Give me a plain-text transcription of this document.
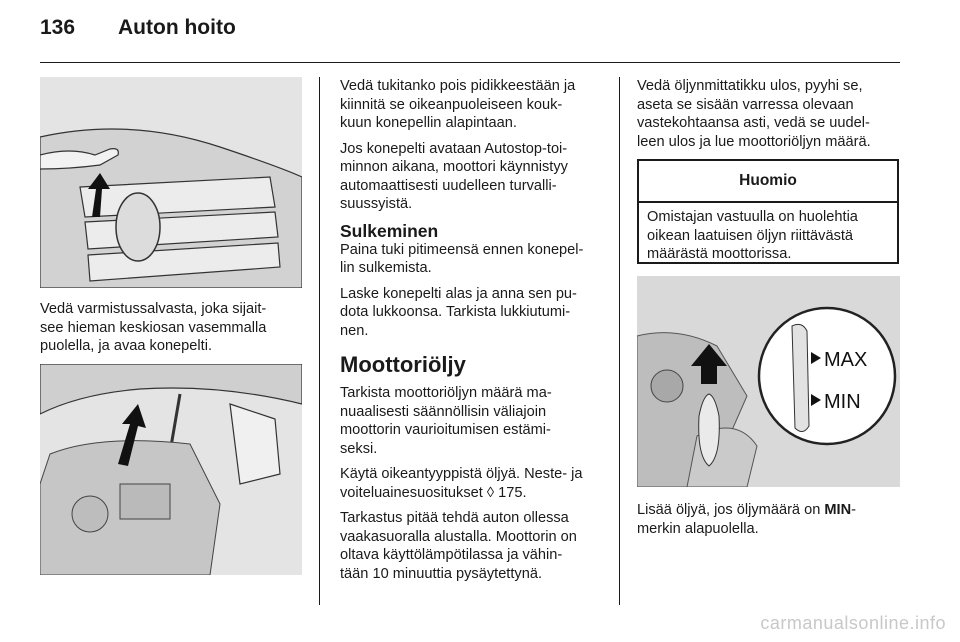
136 Auton hoito

Vedä varmistussalvasta, joka sijait-
see hieman keskiosan vasemmalla
puolella, ja avaa konepelti.

Vedä tukitanko pois pidikkeestään ja
kiinnitä se oikeanpuoleiseen kouk-
kuun konepellin alapintaan.

Jos konepelti avataan Autostop-toi-
minnon aikana, moottori käynnistyy
automaattisesti uudelleen turvalli-
suussyistä.

Sulkeminen

Paina tuki pitimeensä ennen konepel-
lin sulkemista.

Laske konepelti alas ja anna sen pu-
dota lukkoonsa. Tarkista lukkiutumi-
nen.

Moottoriöljy

Tarkista moottoriöljyn määrä ma-
nuaalisesti säännöllisin väliajoin
moottorin vaurioitumisen estämi-
seksi.

Käytä oikeantyyppistä öljyä. Neste- ja
voiteluainesuositukset ◊ 175.

Tarkastus pitää tehdä auton ollessa
vaakasuoralla alustalla. Moottorin on
oltava käyttölämpötilassa ja vähin-
tään 10 minuuttia pysäytettynä.

Vedä öljynmittatikku ulos, pyyhi se,
aseta se sisään varressa olevaan
vastekohtaansa asti, vedä se uudel-
leen ulos ja lue moottoriöljyn määrä.

Huomio
Omistajan vastuulla on huolehtia
oikean laatuisen öljyn riittävästä
määrästä moottorissa.
MAX
MIN

Lisää öljyä, jos öljymäärä on MIN-
merkin alapuolella.

carmanualsonline.info
